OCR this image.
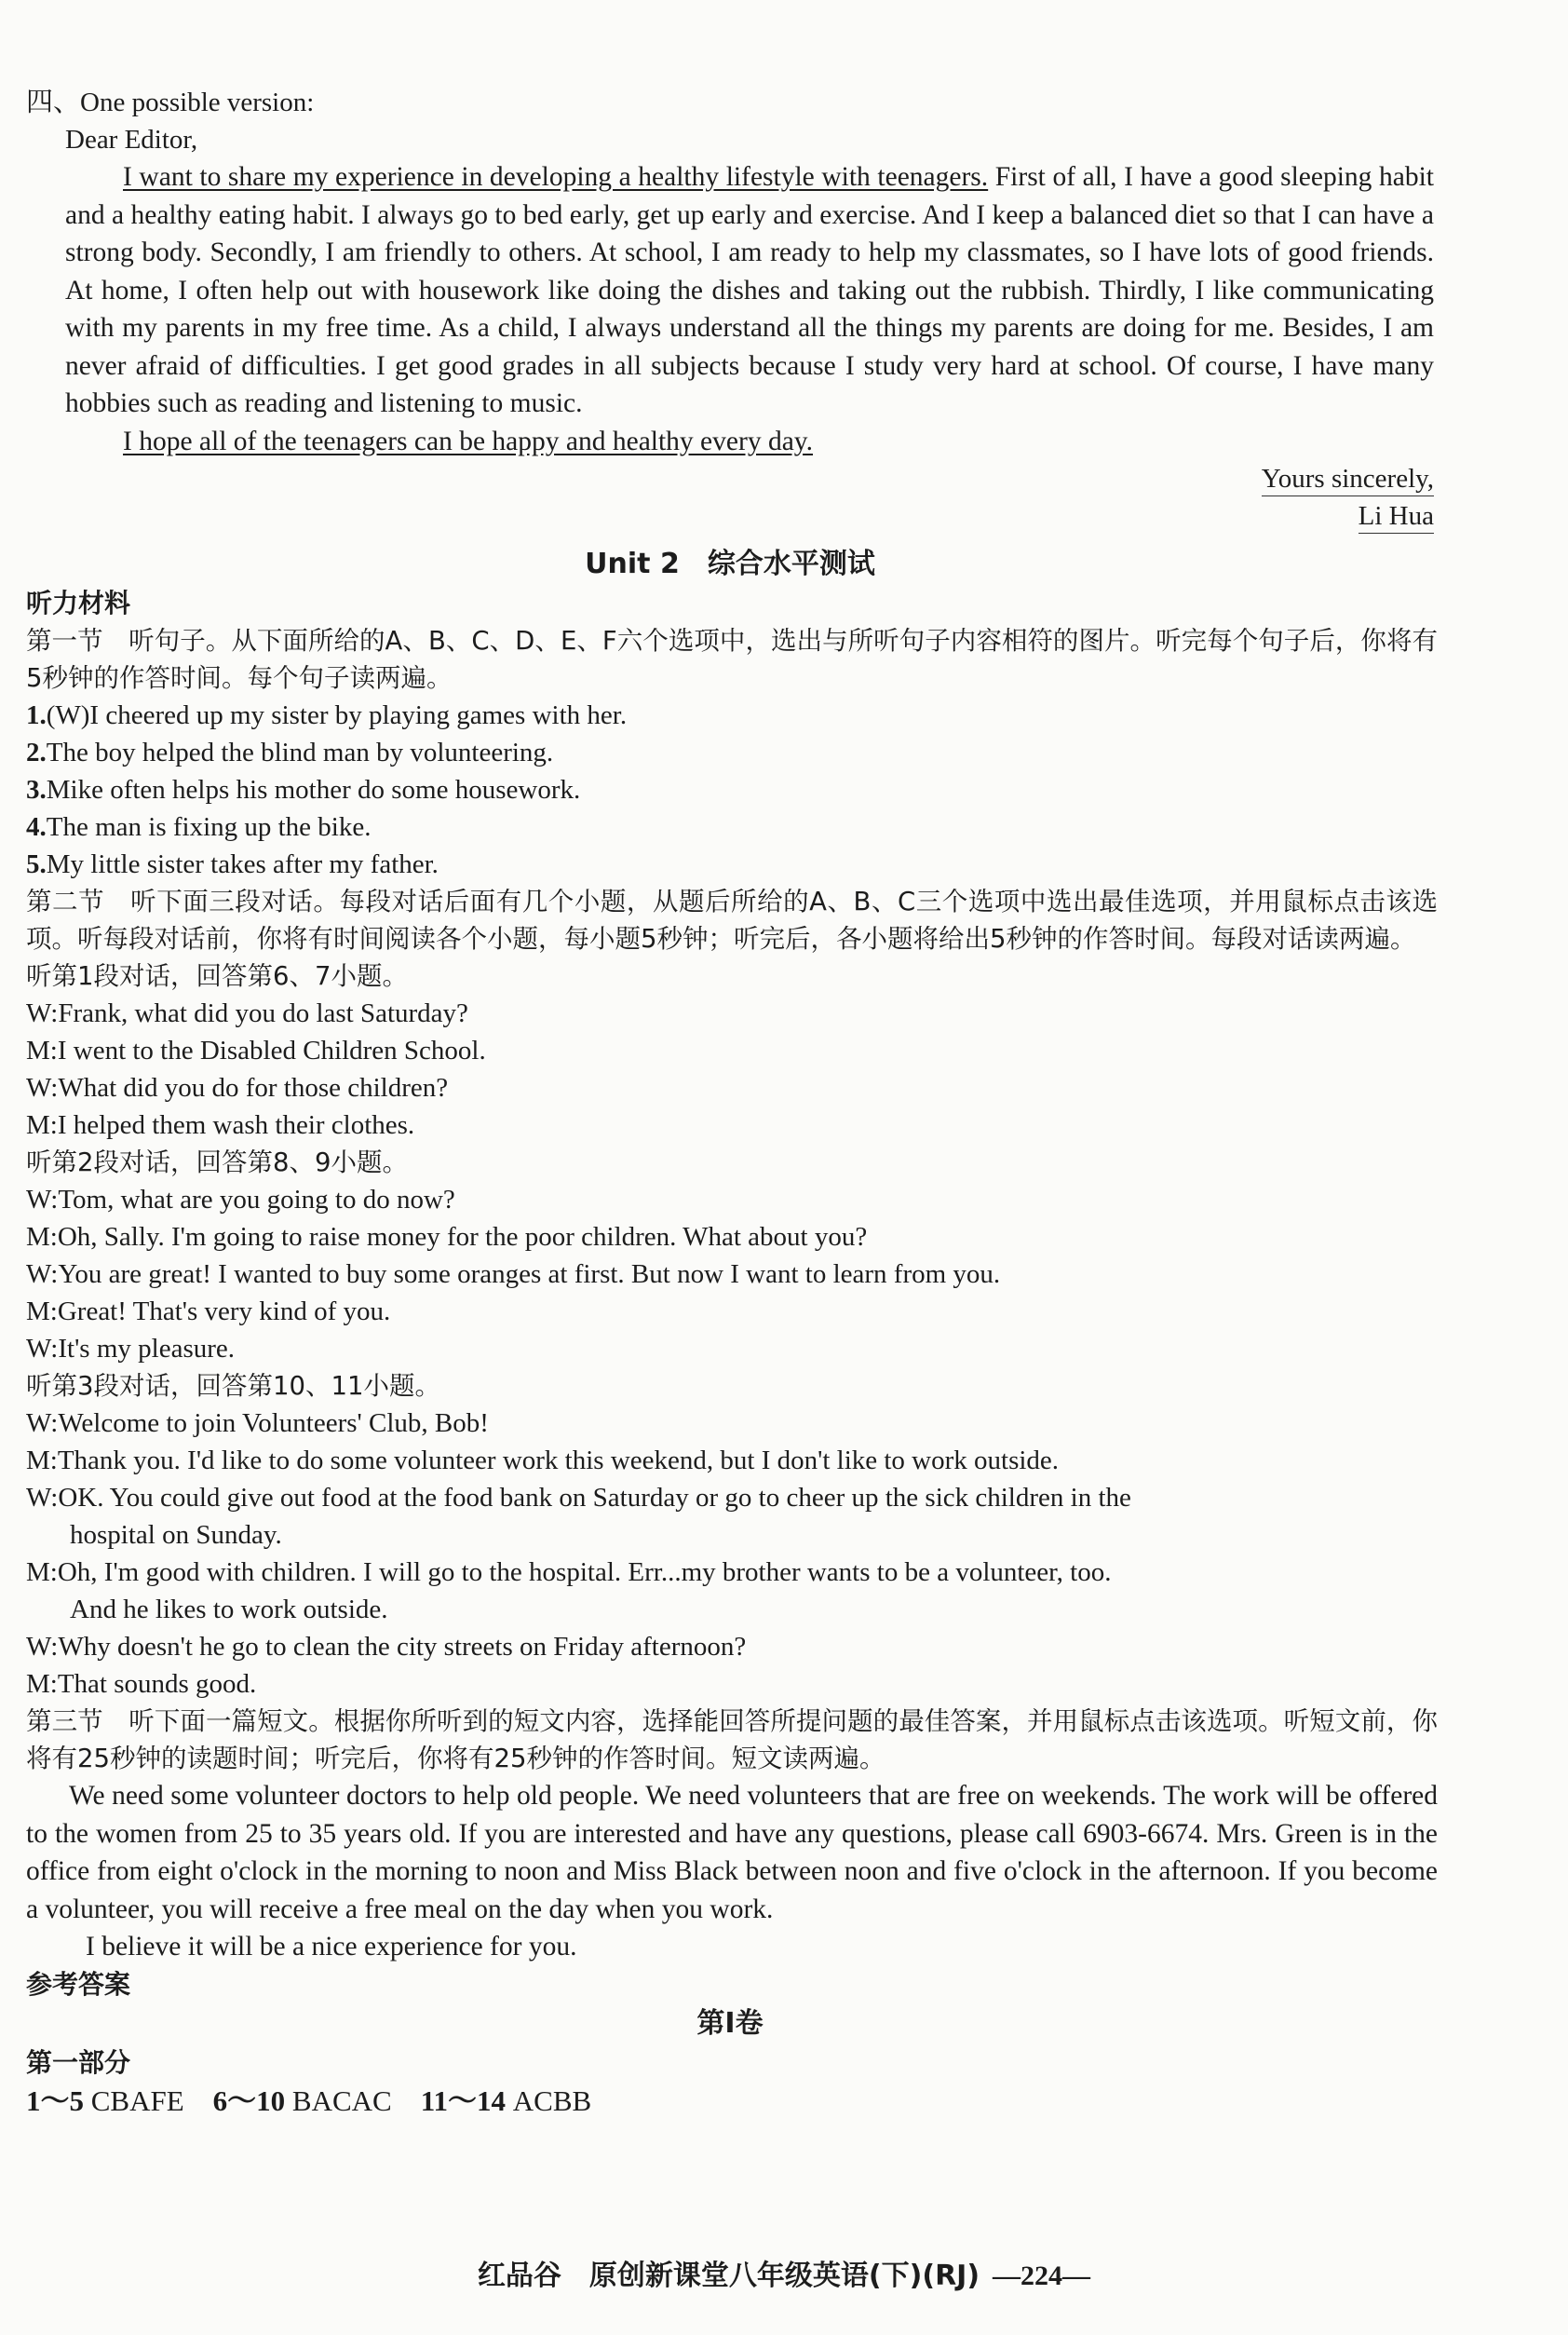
四、One possible version:
Dear Editor,

I want to share my experience in developing a healthy lifestyle with teenagers. First of all, I have a good sleeping habit and a healthy eating habit. I always go to bed early, get up early and exercise. And I keep a balanced diet so that I can have a strong body. Secondly, I am friendly to others. At school, I am ready to help my classmates, so I have lots of good friends. At home, I often help out with housework like doing the dishes and taking out the rubbish. Thirdly, I like communicating with my parents in my free time. As a child, I always understand all the things my parents are doing for me. Besides, I am never afraid of difficulties. I get good grades in all subjects because I study very hard at school. Of course, I have many hobbies such as reading and listening to music.

I hope all of the teenagers can be happy and healthy every day.

Yours sincerely,
Li Hua
Unit 2　综合水平测试
听力材料
第一节　听句子。从下面所给的A、B、C、D、E、F六个选项中，选出与所听句子内容相符的图片。听完每个句子后，你将有5秒钟的作答时间。每个句子读两遍。
1.(W)I cheered up my sister by playing games with her.
2.The boy helped the blind man by volunteering.
3.Mike often helps his mother do some housework.
4.The man is fixing up the bike.
5.My little sister takes after my father.
第二节　听下面三段对话。每段对话后面有几个小题，从题后所给的A、B、C三个选项中选出最佳选项，并用鼠标点击该选项。听每段对话前，你将有时间阅读各个小题，每小题5秒钟；听完后，各小题将给出5秒钟的作答时间。每段对话读两遍。
听第1段对话，回答第6、7小题。
W:Frank, what did you do last Saturday?
M:I went to the Disabled Children School.
W:What did you do for those children?
M:I helped them wash their clothes.
听第2段对话，回答第8、9小题。
W:Tom, what are you going to do now?
M:Oh, Sally. I'm going to raise money for the poor children. What about you?
W:You are great! I wanted to buy some oranges at first. But now I want to learn from you.
M:Great! That's very kind of you.
W:It's my pleasure.
听第3段对话，回答第10、11小题。
W:Welcome to join Volunteers' Club, Bob!
M:Thank you. I'd like to do some volunteer work this weekend, but I don't like to work outside.
W:OK. You could give out food at the food bank on Saturday or go to cheer up the sick children in the
hospital on Sunday.
M:Oh, I'm good with children. I will go to the hospital. Err...my brother wants to be a volunteer, too.
And he likes to work outside.
W:Why doesn't he go to clean the city streets on Friday afternoon?
M:That sounds good.
第三节　听下面一篇短文。根据你所听到的短文内容，选择能回答所提问题的最佳答案，并用鼠标点击该选项。听短文前，你将有25秒钟的读题时间；听完后，你将有25秒钟的作答时间。短文读两遍。

We need some volunteer doctors to help old people. We need volunteers that are free on weekends. The work will be offered to the women from 25 to 35 years old. If you are interested and have any questions, please call 6903-6674. Mrs. Green is in the office from eight o'clock in the morning to noon and Miss Black between noon and five o'clock in the afternoon. If you become a volunteer, you will receive a free meal on the day when you work.

I believe it will be a nice experience for you.

参考答案
第Ⅰ卷
第一部分
1～5 CBAFE 6～10 BACAC 11～14 ACBB
红品谷　原创新课堂八年级英语(下)(RJ) —224—
